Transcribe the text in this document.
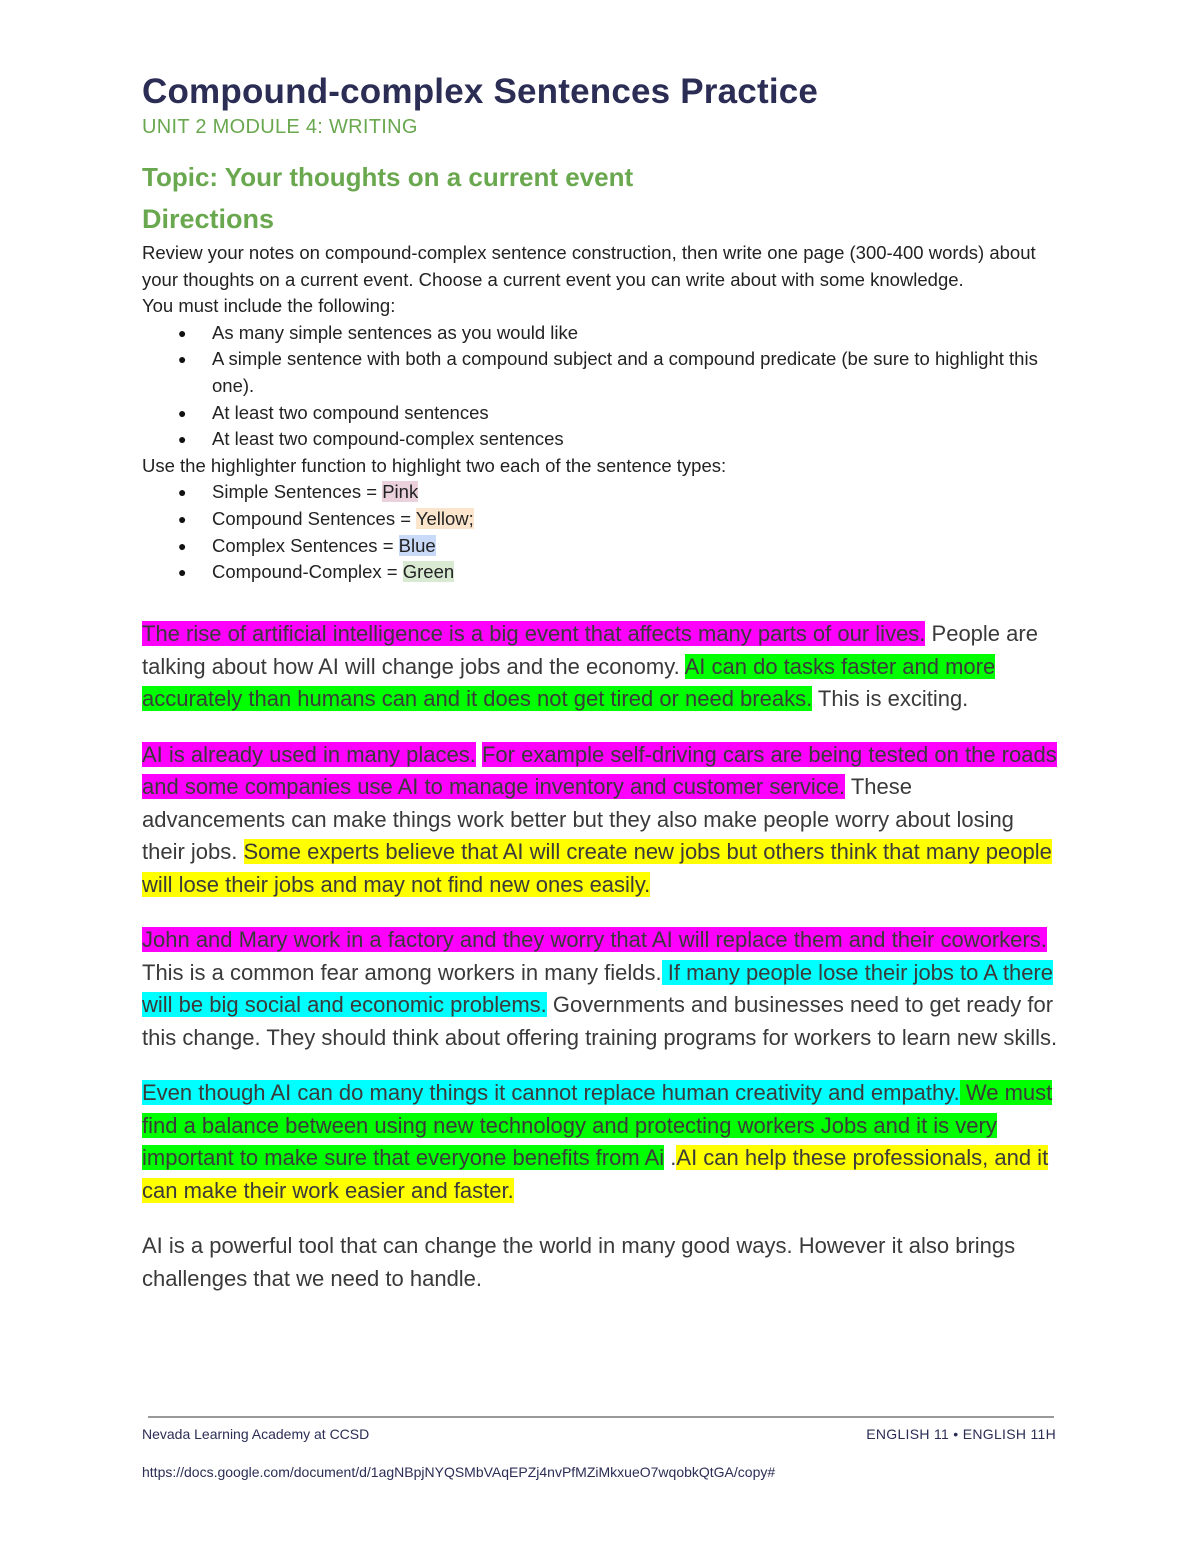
Compound-complex Sentences Practice
UNIT 2 MODULE 4: WRITING
Topic: Your thoughts on a current event
Directions

Review your notes on compound-complex sentence construction, then write one page (300-400 words) about your thoughts on a current event. Choose a current event you can write about with some knowledge.

You must include the following:

● As many simple sentences as you would like
● A simple sentence with both a compound subject and a compound predicate (be sure to highlight this one).
● At least two compound sentences
● At least two compound-complex sentences

Use the highlighter function to highlight two each of the sentence types:

● Simple Sentences = Pink
● Compound Sentences = Yellow;
● Complex Sentences = Blue
● Compound-Complex = Green

The rise of artificial intelligence is a big event that affects many parts of our lives. People are talking about how AI will change jobs and the economy. AI can do tasks faster and more accurately than humans can and it does not get tired or need breaks. This is exciting.

AI is already used in many places. For example self-driving cars are being tested on the roads and some companies use AI to manage inventory and customer service. These advancements can make things work better but they also make people worry about losing their jobs. Some experts believe that AI will create new jobs but others think that many people will lose their jobs and may not find new ones easily.

John and Mary work in a factory and they worry that AI will replace them and their coworkers. This is a common fear among workers in many fields. If many people lose their jobs to A there will be big social and economic problems. Governments and businesses need to get ready for this change. They should think about offering training programs for workers to learn new skills.

Even though AI can do many things it cannot replace human creativity and empathy. We must find a balance between using new technology and protecting workers Jobs and it is very important to make sure that everyone benefits from Ai .AI can help these professionals, and it can make their work easier and faster.

AI is a powerful tool that can change the world in many good ways. However it also brings challenges that we need to handle.

Nevada Learning Academy at CCSD	ENGLISH 11 • ENGLISH 11H
https://docs.google.com/document/d/1agNBpjNYQSMbVAqEPZj4nvPfMZiMkxueO7wqobkQtGA/copy#
